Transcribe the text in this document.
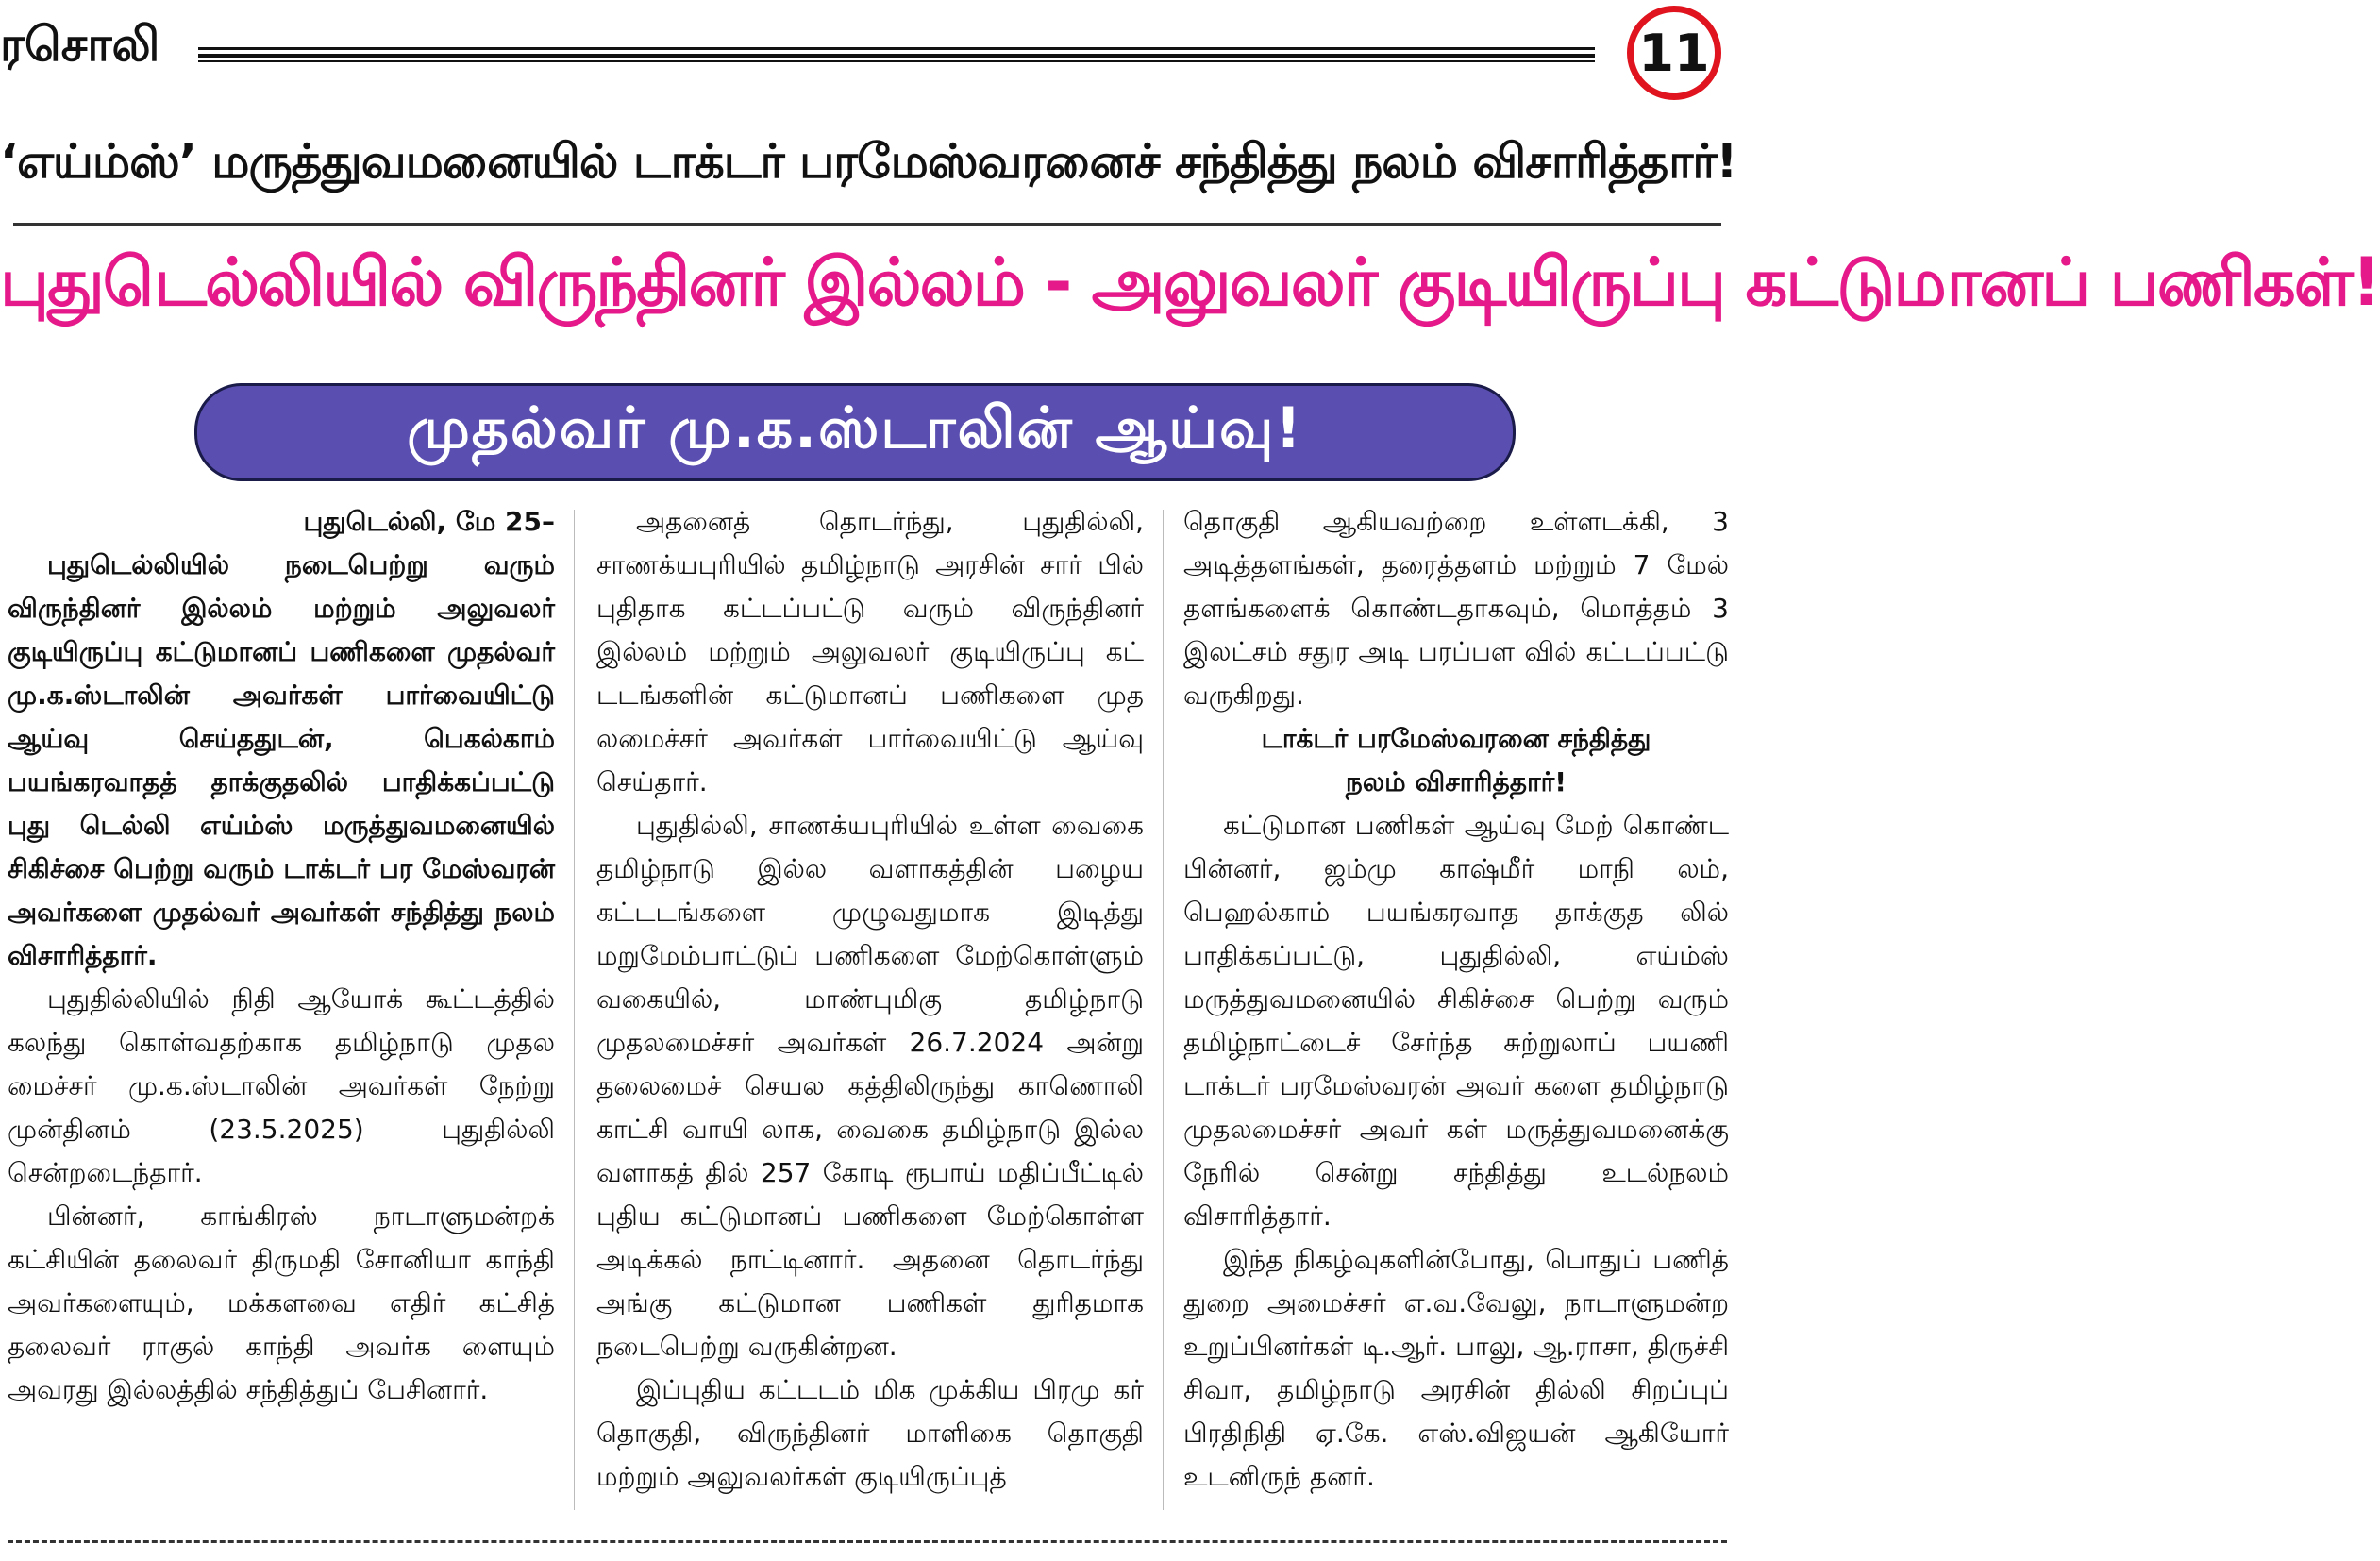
ரசொலி	11
‘எய்ம்ஸ்’ மருத்துவமனையில் டாக்டர் பரமேஸ்வரனைச் சந்தித்து நலம் விசாரித்தார்!
புதுடெல்லியில் விருந்தினர் இல்லம் - அலுவலர் குடியிருப்பு கட்டுமானப் பணிகள்!
முதல்வர் மு.க.ஸ்டாலின் ஆய்வு!

புதுடெல்லி, மே 25–

புதுடெல்லியில் நடைபெற்று வரும் விருந்தினர் இல்லம் மற்றும் அலுவலர் குடியிருப்பு கட்டுமானப் பணிகளை முதல்வர் மு.க.ஸ்டாலின் அவர்கள் பார்வையிட்டு ஆய்வு செய்ததுடன், பெகல்காம் பயங்கரவாதத் தாக்குதலில் பாதிக்கப்பட்டு புது டெல்லி எய்ம்ஸ் மருத்துவமனையில் சிகிச்சை பெற்று வரும் டாக்டர் பர மேஸ்வரன் அவர்களை முதல்வர் அவர்கள் சந்தித்து நலம் விசாரித்தார்.

புதுதில்லியில் நிதி ஆயோக் கூட்டத்தில் கலந்து கொள்வதற்காக தமிழ்நாடு முதல மைச்சர் மு.க.ஸ்டாலின் அவர்கள் நேற்று முன்தினம் (23.5.2025) புதுதில்லி சென்றடைந்தார்.

பின்னர், காங்கிரஸ் நாடாளுமன்றக் கட்சியின் தலைவர் திருமதி சோனியா காந்தி அவர்களையும், மக்களவை எதிர் கட்சித் தலைவர் ராகுல் காந்தி அவர்க ளையும் அவரது இல்லத்தில் சந்தித்துப் பேசினார்.

அதனைத் தொடர்ந்து, புதுதில்லி, சாணக்யபுரியில் தமிழ்நாடு அரசின் சார் பில் புதிதாக கட்டப்பட்டு வரும் விருந்தினர் இல்லம் மற்றும் அலுவலர் குடியிருப்பு கட் டடங்களின் கட்டுமானப் பணிகளை முத லமைச்சர் அவர்கள் பார்வையிட்டு ஆய்வு செய்தார்.

புதுதில்லி, சாணக்யபுரியில் உள்ள வைகை தமிழ்நாடு இல்ல வளாகத்தின் பழைய கட்டடங்களை முழுவதுமாக இடித்து மறுமேம்பாட்டுப் பணிகளை மேற்கொள்ளும் வகையில், மாண்புமிகு தமிழ்நாடு முதலமைச்சர் அவர்கள் 26.7.2024 அன்று தலைமைச் செயல கத்திலிருந்து காணொலி காட்சி வாயி லாக, வைகை தமிழ்நாடு இல்ல வளாகத் தில் 257 கோடி ரூபாய் மதிப்பீட்டில் புதிய கட்டுமானப் பணிகளை மேற்கொள்ள அடிக்கல் நாட்டினார். அதனை தொடர்ந்து அங்கு கட்டுமான பணிகள் துரிதமாக நடைபெற்று வருகின்றன.

இப்புதிய கட்டடம் மிக முக்கிய பிரமு கர் தொகுதி, விருந்தினர் மாளிகை தொகுதி மற்றும் அலுவலர்கள் குடியிருப்புத்

தொகுதி ஆகியவற்றை உள்ளடக்கி, 3 அடித்தளங்கள், தரைத்தளம் மற்றும் 7 மேல் தளங்களைக் கொண்டதாகவும், மொத்தம் 3 இலட்சம் சதுர அடி பரப்பள வில் கட்டப்பட்டு வருகிறது.

டாக்டர் பரமேஸ்வரனை சந்தித்து

நலம் விசாரித்தார்!

கட்டுமான பணிகள் ஆய்வு மேற் கொண்ட பின்னர், ஜம்மு காஷ்மீர் மாநி லம், பெஹல்காம் பயங்கரவாத தாக்குத லில் பாதிக்கப்பட்டு, புதுதில்லி, எய்ம்ஸ் மருத்துவமனையில் சிகிச்சை பெற்று வரும் தமிழ்நாட்டைச் சேர்ந்த சுற்றுலாப் பயணி டாக்டர் பரமேஸ்வரன் அவர் களை தமிழ்நாடு முதலமைச்சர் அவர் கள் மருத்துவமனைக்கு நேரில் சென்று சந்தித்து உடல்நலம் விசாரித்தார்.

இந்த நிகழ்வுகளின்போது, பொதுப் பணித் துறை அமைச்சர் எ.வ.வேலு, நாடாளுமன்ற உறுப்பினர்கள் டி.ஆர். பாலு, ஆ.ராசா, திருச்சி சிவா, தமிழ்நாடு அரசின் தில்லி சிறப்புப் பிரதிநிதி ஏ.கே. எஸ்.விஜயன் ஆகியோர் உடனிருந் தனர்.
